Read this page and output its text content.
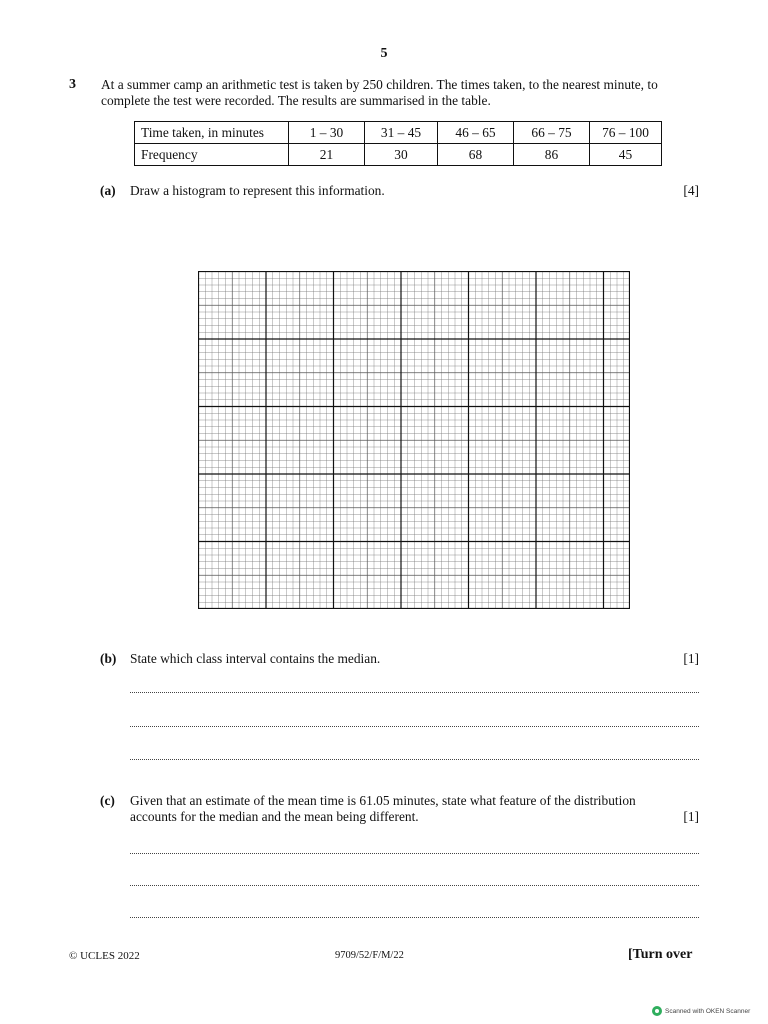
5
3 At a summer camp an arithmetic test is taken by 250 children. The times taken, to the nearest minute, to complete the test were recorded. The results are summarised in the table.
Time taken, in minutes	1 – 30	31 – 45	46 – 65	66 – 75	76 – 100
Frequency	21	30	68	86	45
(a) Draw a histogram to represent this information.	[4]
(b) State which class interval contains the median.	[1]
(c) Given that an estimate of the mean time is 61.05 minutes, state what feature of the distribution accounts for the median and the mean being different.	[1]
© UCLES 2022	9709/52/F/M/22	[Turn over
Scanned with OKEN Scanner
